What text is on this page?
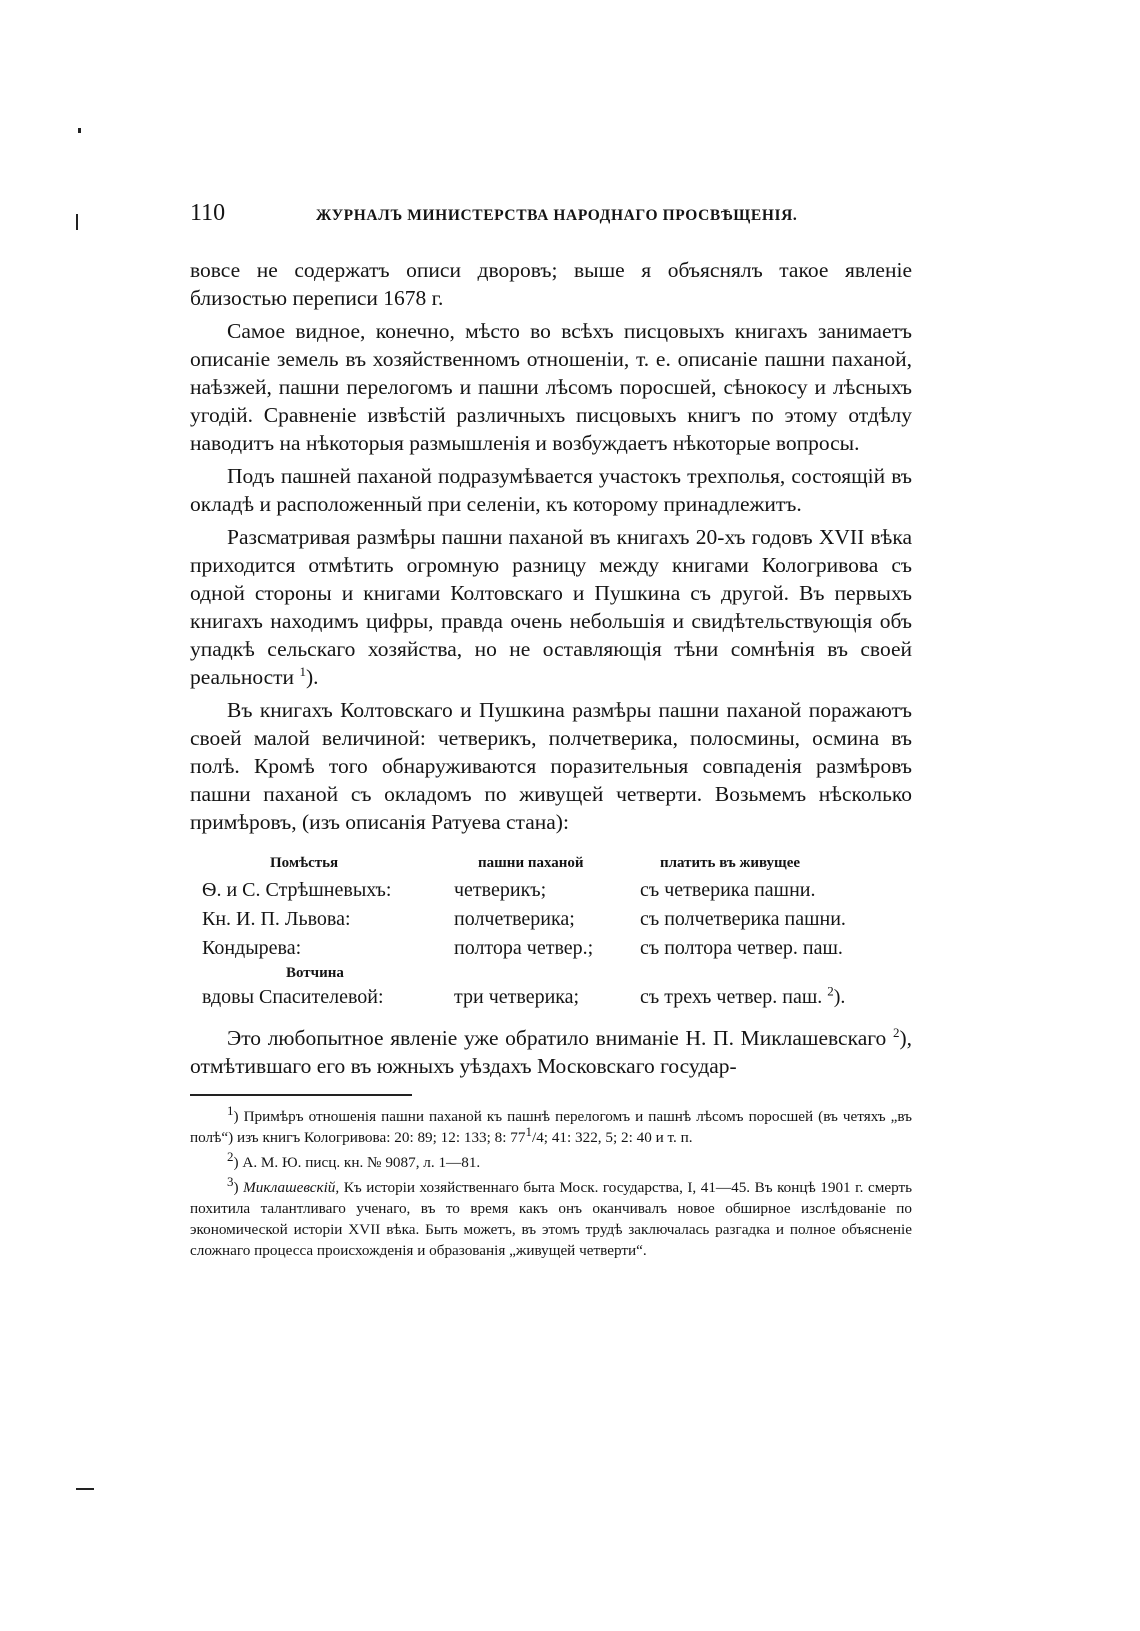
110	ЖУРНАЛЪ МИНИСТЕРСТВА НАРОДНАГО ПРОСВѢЩЕНІЯ.

вовсе не содержатъ описи дворовъ; выше я объяснялъ такое явленіе близостью переписи 1678 г.

Самое видное, конечно, мѣсто во всѣхъ писцовыхъ книгахъ занимаетъ описаніе земель въ хозяйственномъ отношеніи, т. е. описаніе пашни паханой, наѣзжей, пашни перелогомъ и пашни лѣсомъ поросшей, сѣнокосу и лѣсныхъ угодій. Сравненіе извѣстій различныхъ писцовыхъ книгъ по этому отдѣлу наводитъ на нѣкоторыя размышленія и возбуждаетъ нѣкоторые вопросы.

Подъ пашней паханой подразумѣвается участокъ трехполья, состоящій въ окладѣ и расположенный при селеніи, къ которому принадлежитъ.

Разсматривая размѣры пашни паханой въ книгахъ 20-хъ годовъ XVII вѣка приходится отмѣтить огромную разницу между книгами Кологривова съ одной стороны и книгами Колтовскаго и Пушкина съ другой. Въ первыхъ книгахъ находимъ цифры, правда очень небольшія и свидѣтельствующія объ упадкѣ сельскаго хозяйства, но не оставляющія тѣни сомнѣнія въ своей реальности $^1$).

Въ книгахъ Колтовскаго и Пушкина размѣры пашни паханой поражаютъ своей малой величиной: четверикъ, полчетверика, полосмины, осмина въ полѣ. Кромѣ того обнаруживаются поразительныя совпаденія размѣровъ пашни паханой съ окладомъ по живущей четверти. Возьмемъ нѣсколько примѣровъ, (изъ описанія Ратуева стана):

Помѣстья	пашни паханой	платить въ живущее
Ѳ. и С. Стрѣшневыхъ:	четверикъ;	съ четверика пашни.
Кн. И. П. Львова:	полчетверика;	съ полчетверика пашни.
Кондырева:	полтора четвер.;	съ полтора четвер. паш.
Вотчина
вдовы Спасителевой:	три четверика;	съ трехъ четвер. паш. $^2$).

Это любопытное явленіе уже обратило вниманіе Н. П. Миклашевскаго $^2$), отмѣтившаго его въ южныхъ уѣздахъ Московскаго государ-

$^1$) Примѣръ отношенія пашни паханой къ пашнѣ перелогомъ и пашнѣ лѣсомъ поросшей (въ четяхъ „въ полѣ“) изъ книгъ Кологривова: 20: 89; 12: 133; 8: $77^1/4$; 41: 322, 5; 2: 40 и т. п.

$^2$) А. М. Ю. писц. кн. № 9087, л. 1—81.

$^3$) Миклашевскій, Къ исторіи хозяйственнаго быта Моск. государства, I, 41—45. Въ концѣ 1901 г. смерть похитила талантливаго ученаго, въ то время какъ онъ оканчивалъ новое обширное изслѣдованіе по экономической исторіи XVII вѣка. Быть можетъ, въ этомъ трудѣ заключалась разгадка и полное объясненіе сложнаго процесса происхожденія и образованія „живущей четверти“.
